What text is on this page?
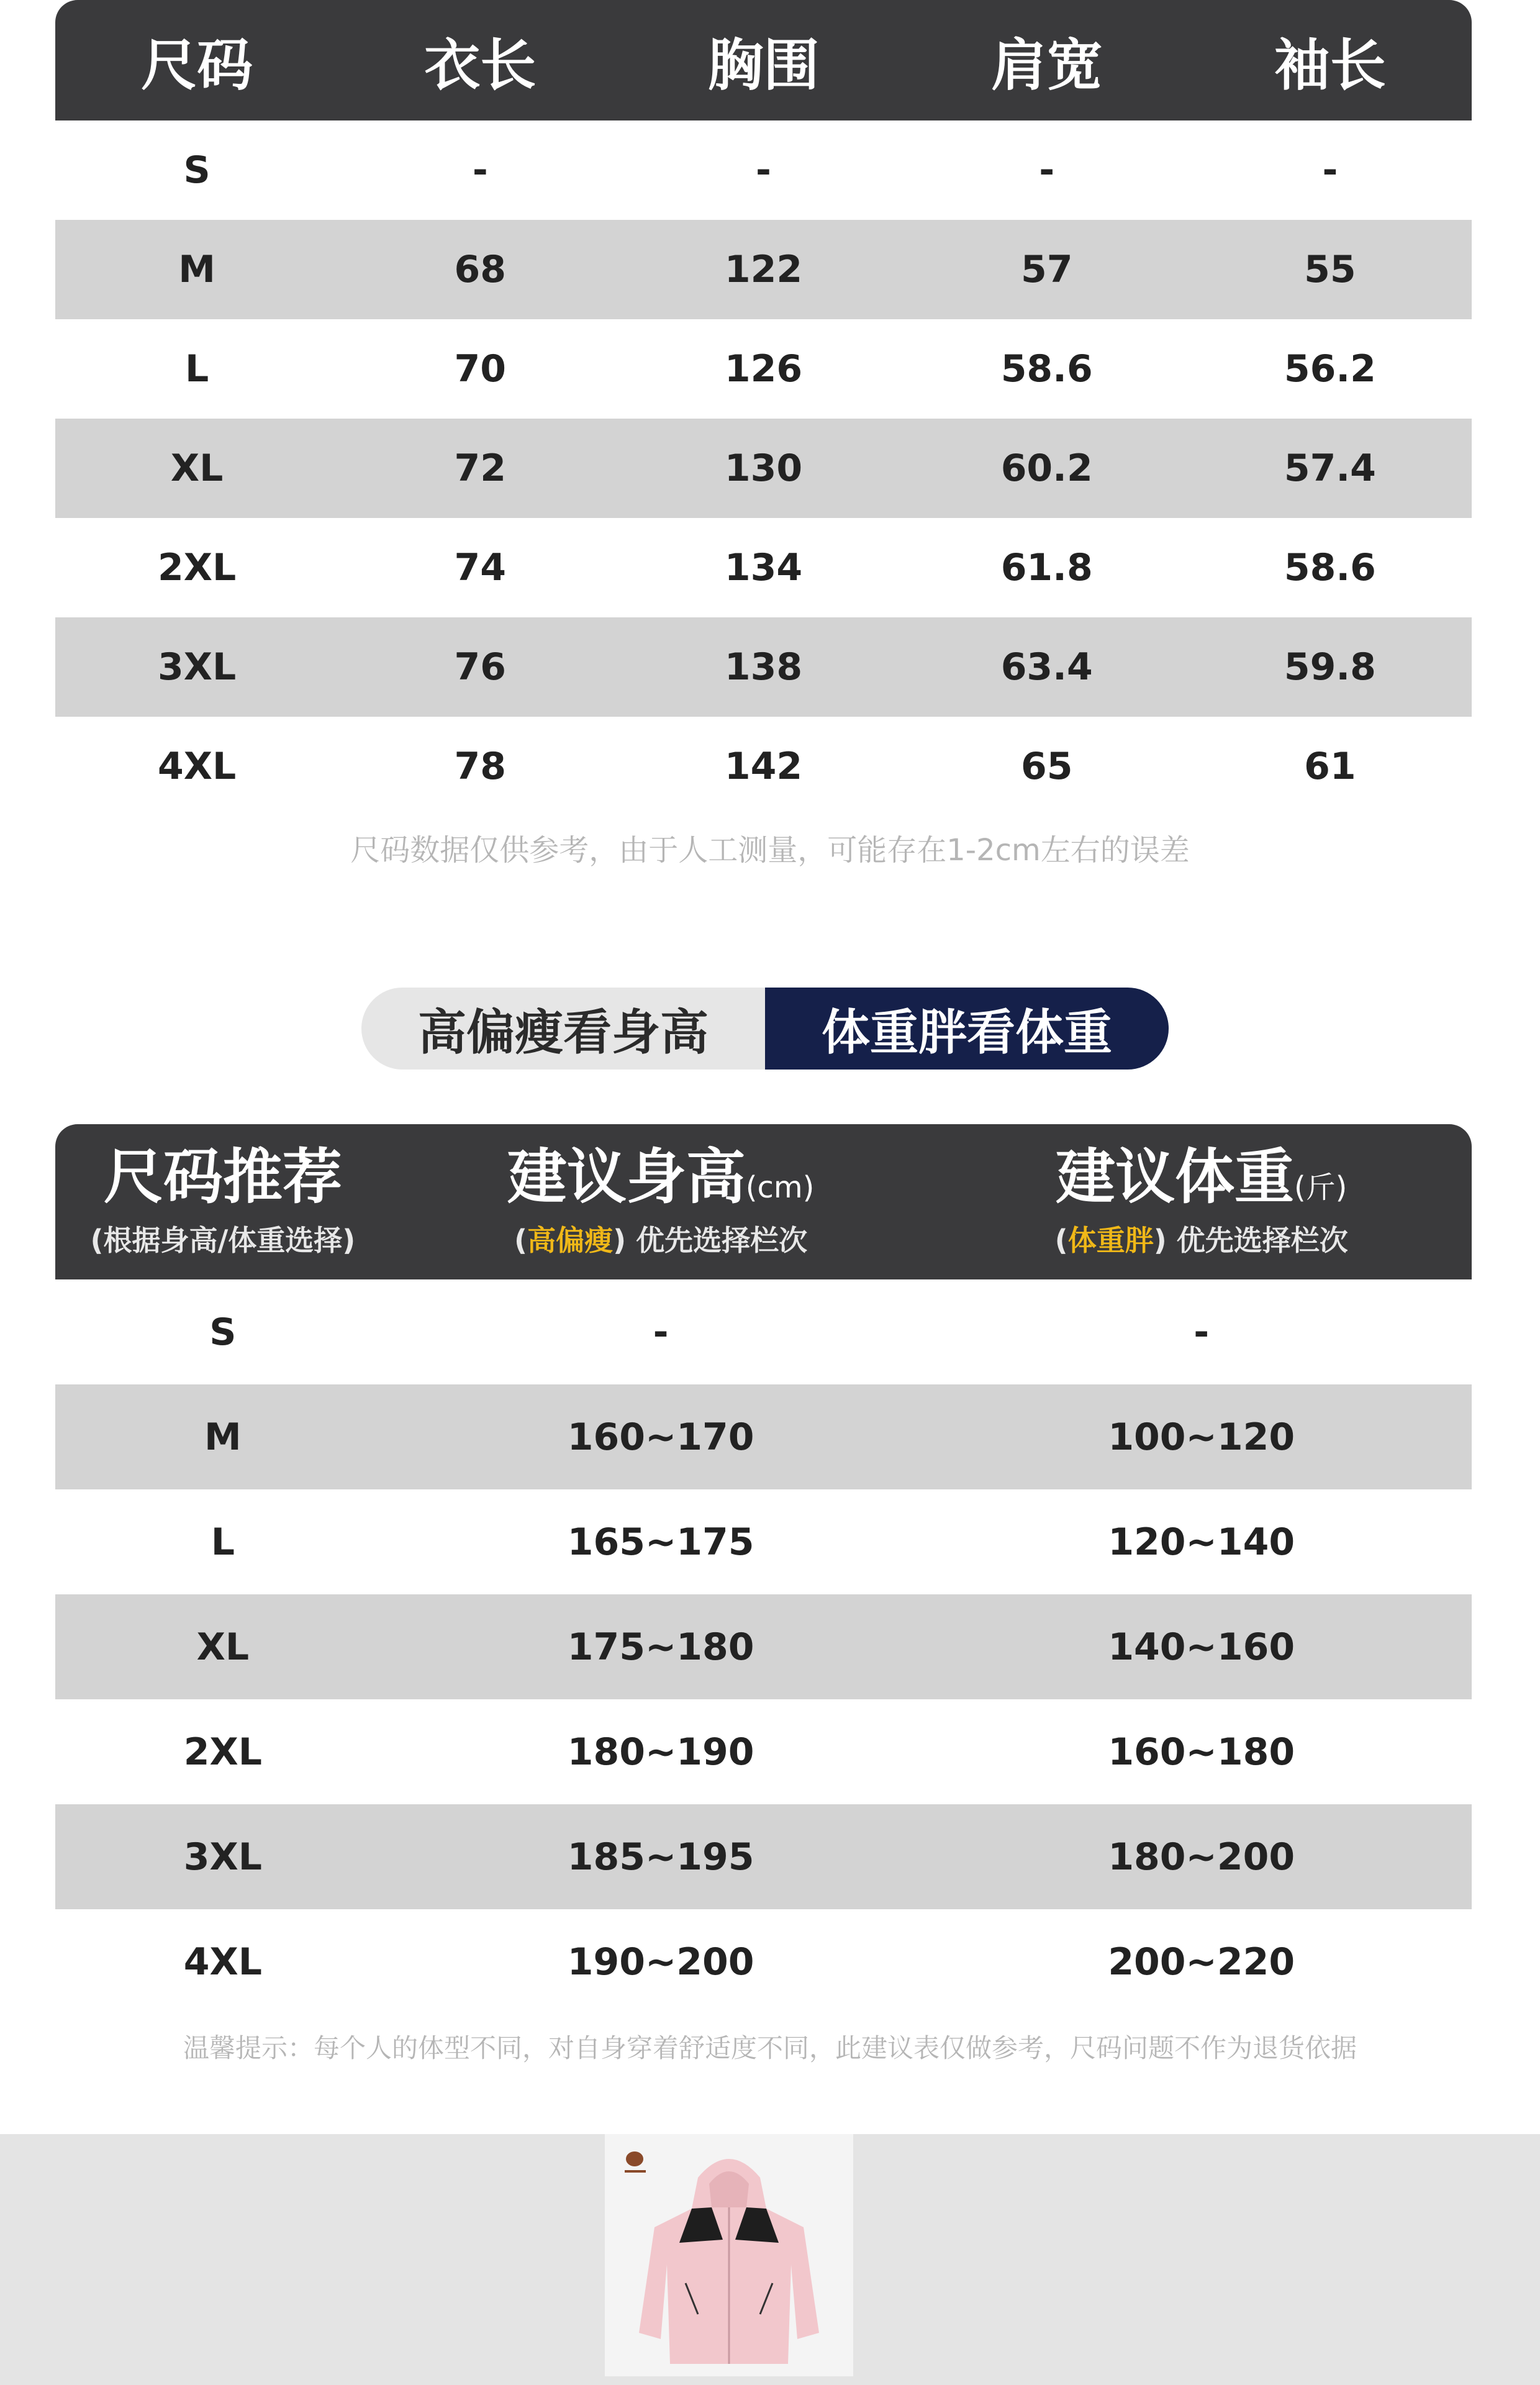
尺码	衣长	胸围	肩宽	袖长
S	-	-	-	-
M	68	122	57	55
L	70	126	58.6	56.2
XL	72	130	60.2	57.4
2XL	74	134	61.8	58.6
3XL	76	138	63.4	59.8
4XL	78	142	65	61
尺码数据仅供参考，由于人工测量，可能存在1-2cm左右的误差
高偏瘦看身高	体重胖看体重
尺码推荐
(根据身高/体重选择)
建议身高(cm)
(高偏瘦) 优先选择栏次
建议体重(斤)
(体重胖) 优先选择栏次
S	-	-
M	160~170	100~120
L	165~175	120~140
XL	175~180	140~160
2XL	180~190	160~180
3XL	185~195	180~200
4XL	190~200	200~220
温馨提示：每个人的体型不同，对自身穿着舒适度不同，此建议表仅做参考，尺码问题不作为退货依据
